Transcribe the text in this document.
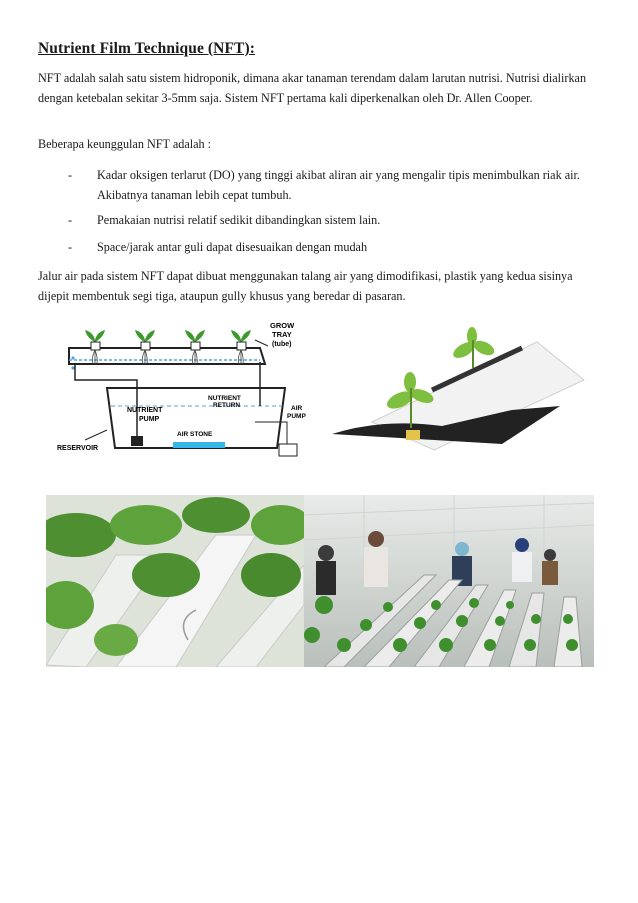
Nutrient Film Technique (NFT):
NFT adalah salah satu sistem hidroponik, dimana akar tanaman terendam dalam larutan nutrisi. Nutrisi dialirkan dengan ketebalan sekitar 3-5mm saja. Sistem NFT pertama kali diperkenalkan oleh Dr. Allen Cooper.
Beberapa keunggulan NFT adalah :
- Kadar oksigen terlarut (DO) yang tinggi akibat aliran air yang mengalir tipis menimbulkan riak air. Akibatnya tanaman lebih cepat tumbuh.
- Pemakaian nutrisi relatif sedikit dibandingkan sistem lain.
- Space/jarak antar guli dapat disesuaikan dengan mudah
Jalur air pada sistem NFT dapat dibuat menggunakan talang air yang dimodifikasi, plastik yang kedua sisinya dijepit membentuk segi tiga, ataupun gully khusus yang beredar di pasaran.
GROW
TRAY
(tube)
NUTRIENT
RETURN
NUTRIENT
PUMP
AIR
PUMP
AIR STONE
RESERVOIR
